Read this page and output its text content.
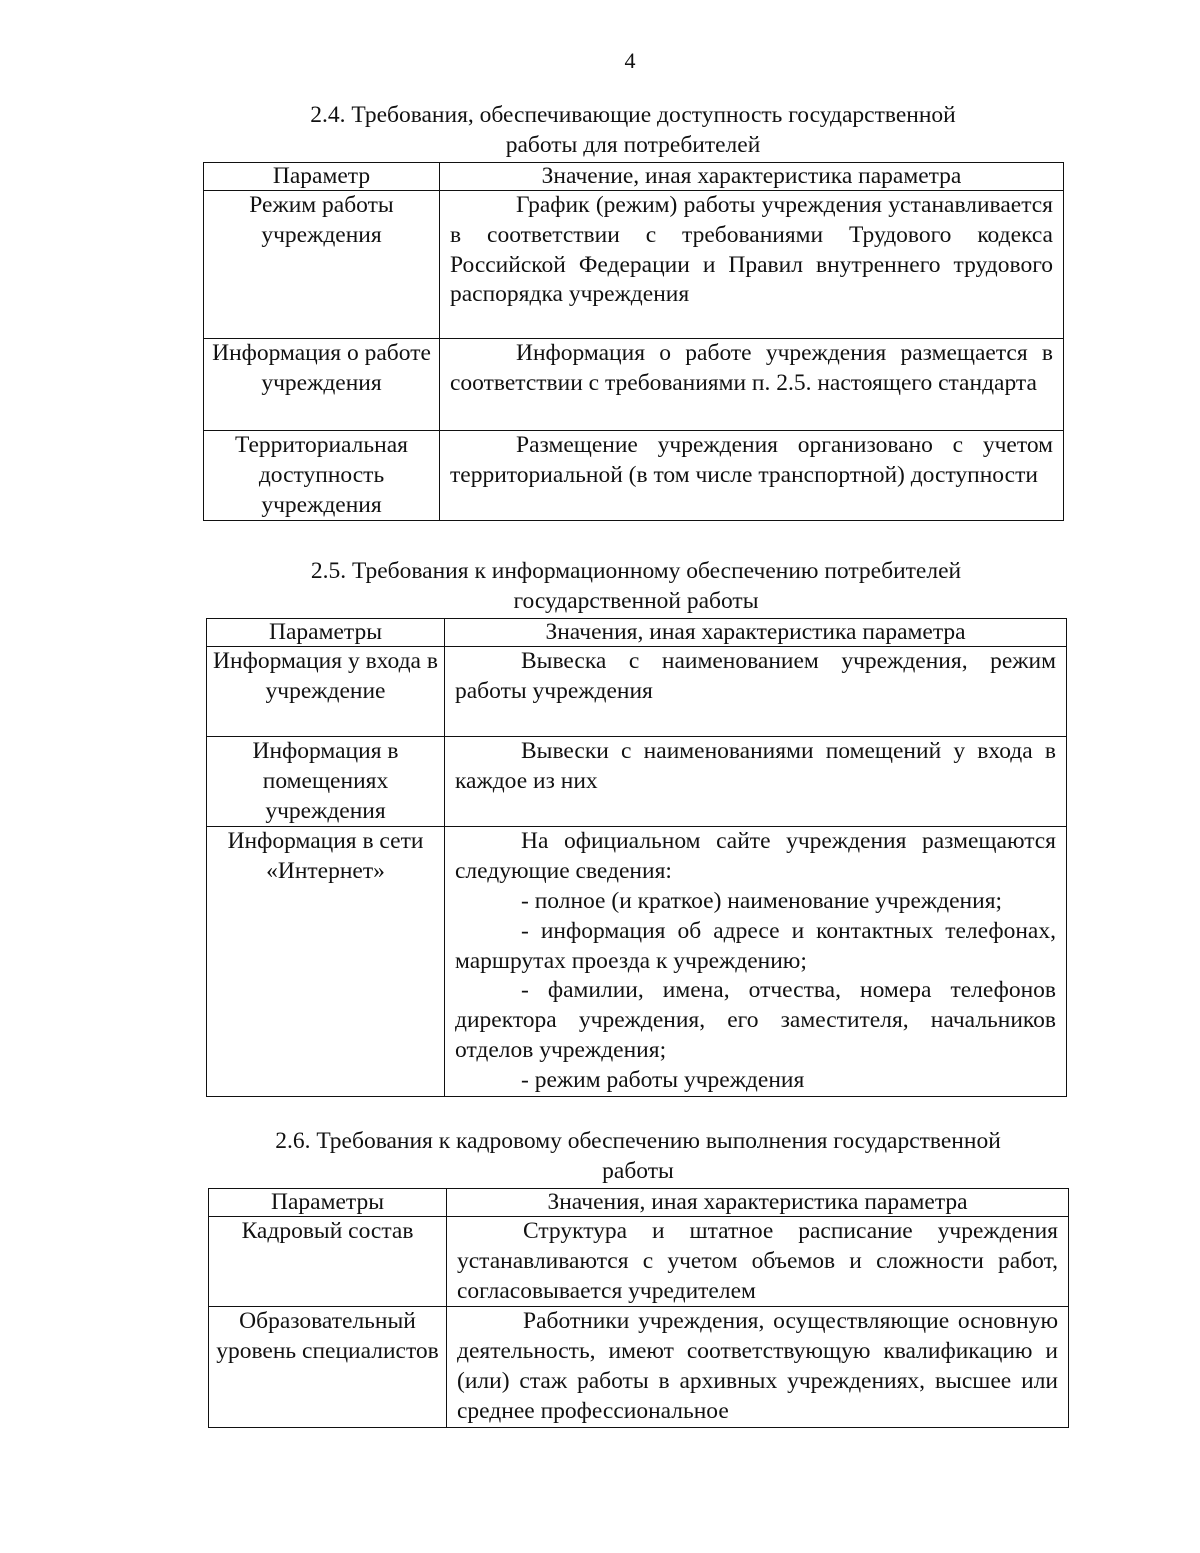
4
2.4. Требования, обеспечивающие доступность государственной
работы для потребителей
Параметр	Значение, иная характеристика параметра
Режим работы учреждения	График (режим) работы учреждения устанавливается в соответствии с требованиями Трудового кодекса Российской Федерации и Правил внутреннего трудового распорядка учреждения

Информация о работе учреждения	Информация о работе учреждения размещается в соответствии с требованиями п. 2.5. настоящего стандарта

Территориальная доступность учреждения	Размещение учреждения организовано с учетом территориальной (в том числе транспортной) доступности
2.5. Требования к информационному обеспечению потребителей
государственной работы
Параметры	Значения, иная характеристика параметра
Информация у входа в учреждение	Вывеска с наименованием учреждения, режим работы учреждения

Информация в помещениях учреждения	Вывески с наименованиями помещений у входа в каждое из них

Информация в сети «Интернет»	На официальном сайте учреждения размещаются следующие сведения:
- полное (и краткое) наименование учреждения;
- информация об адресе и контактных телефонах, маршрутах проезда к учреждению;
- фамилии, имена, отчества, номера телефонов директора учреждения, его заместителя, начальников отделов учреждения;
- режим работы учреждения
2.6. Требования к кадровому обеспечению выполнения государственной
работы
Параметры	Значения, иная характеристика параметра
Кадровый состав	Структура и штатное расписание учреждения устанавливаются с учетом объемов и сложности работ, согласовывается учредителем

Образовательный уровень специалистов	Работники учреждения, осуществляющие основную деятельность, имеют соответствующую квалификацию и (или) стаж работы в архивных учреждениях, высшее или среднее профессиональное
